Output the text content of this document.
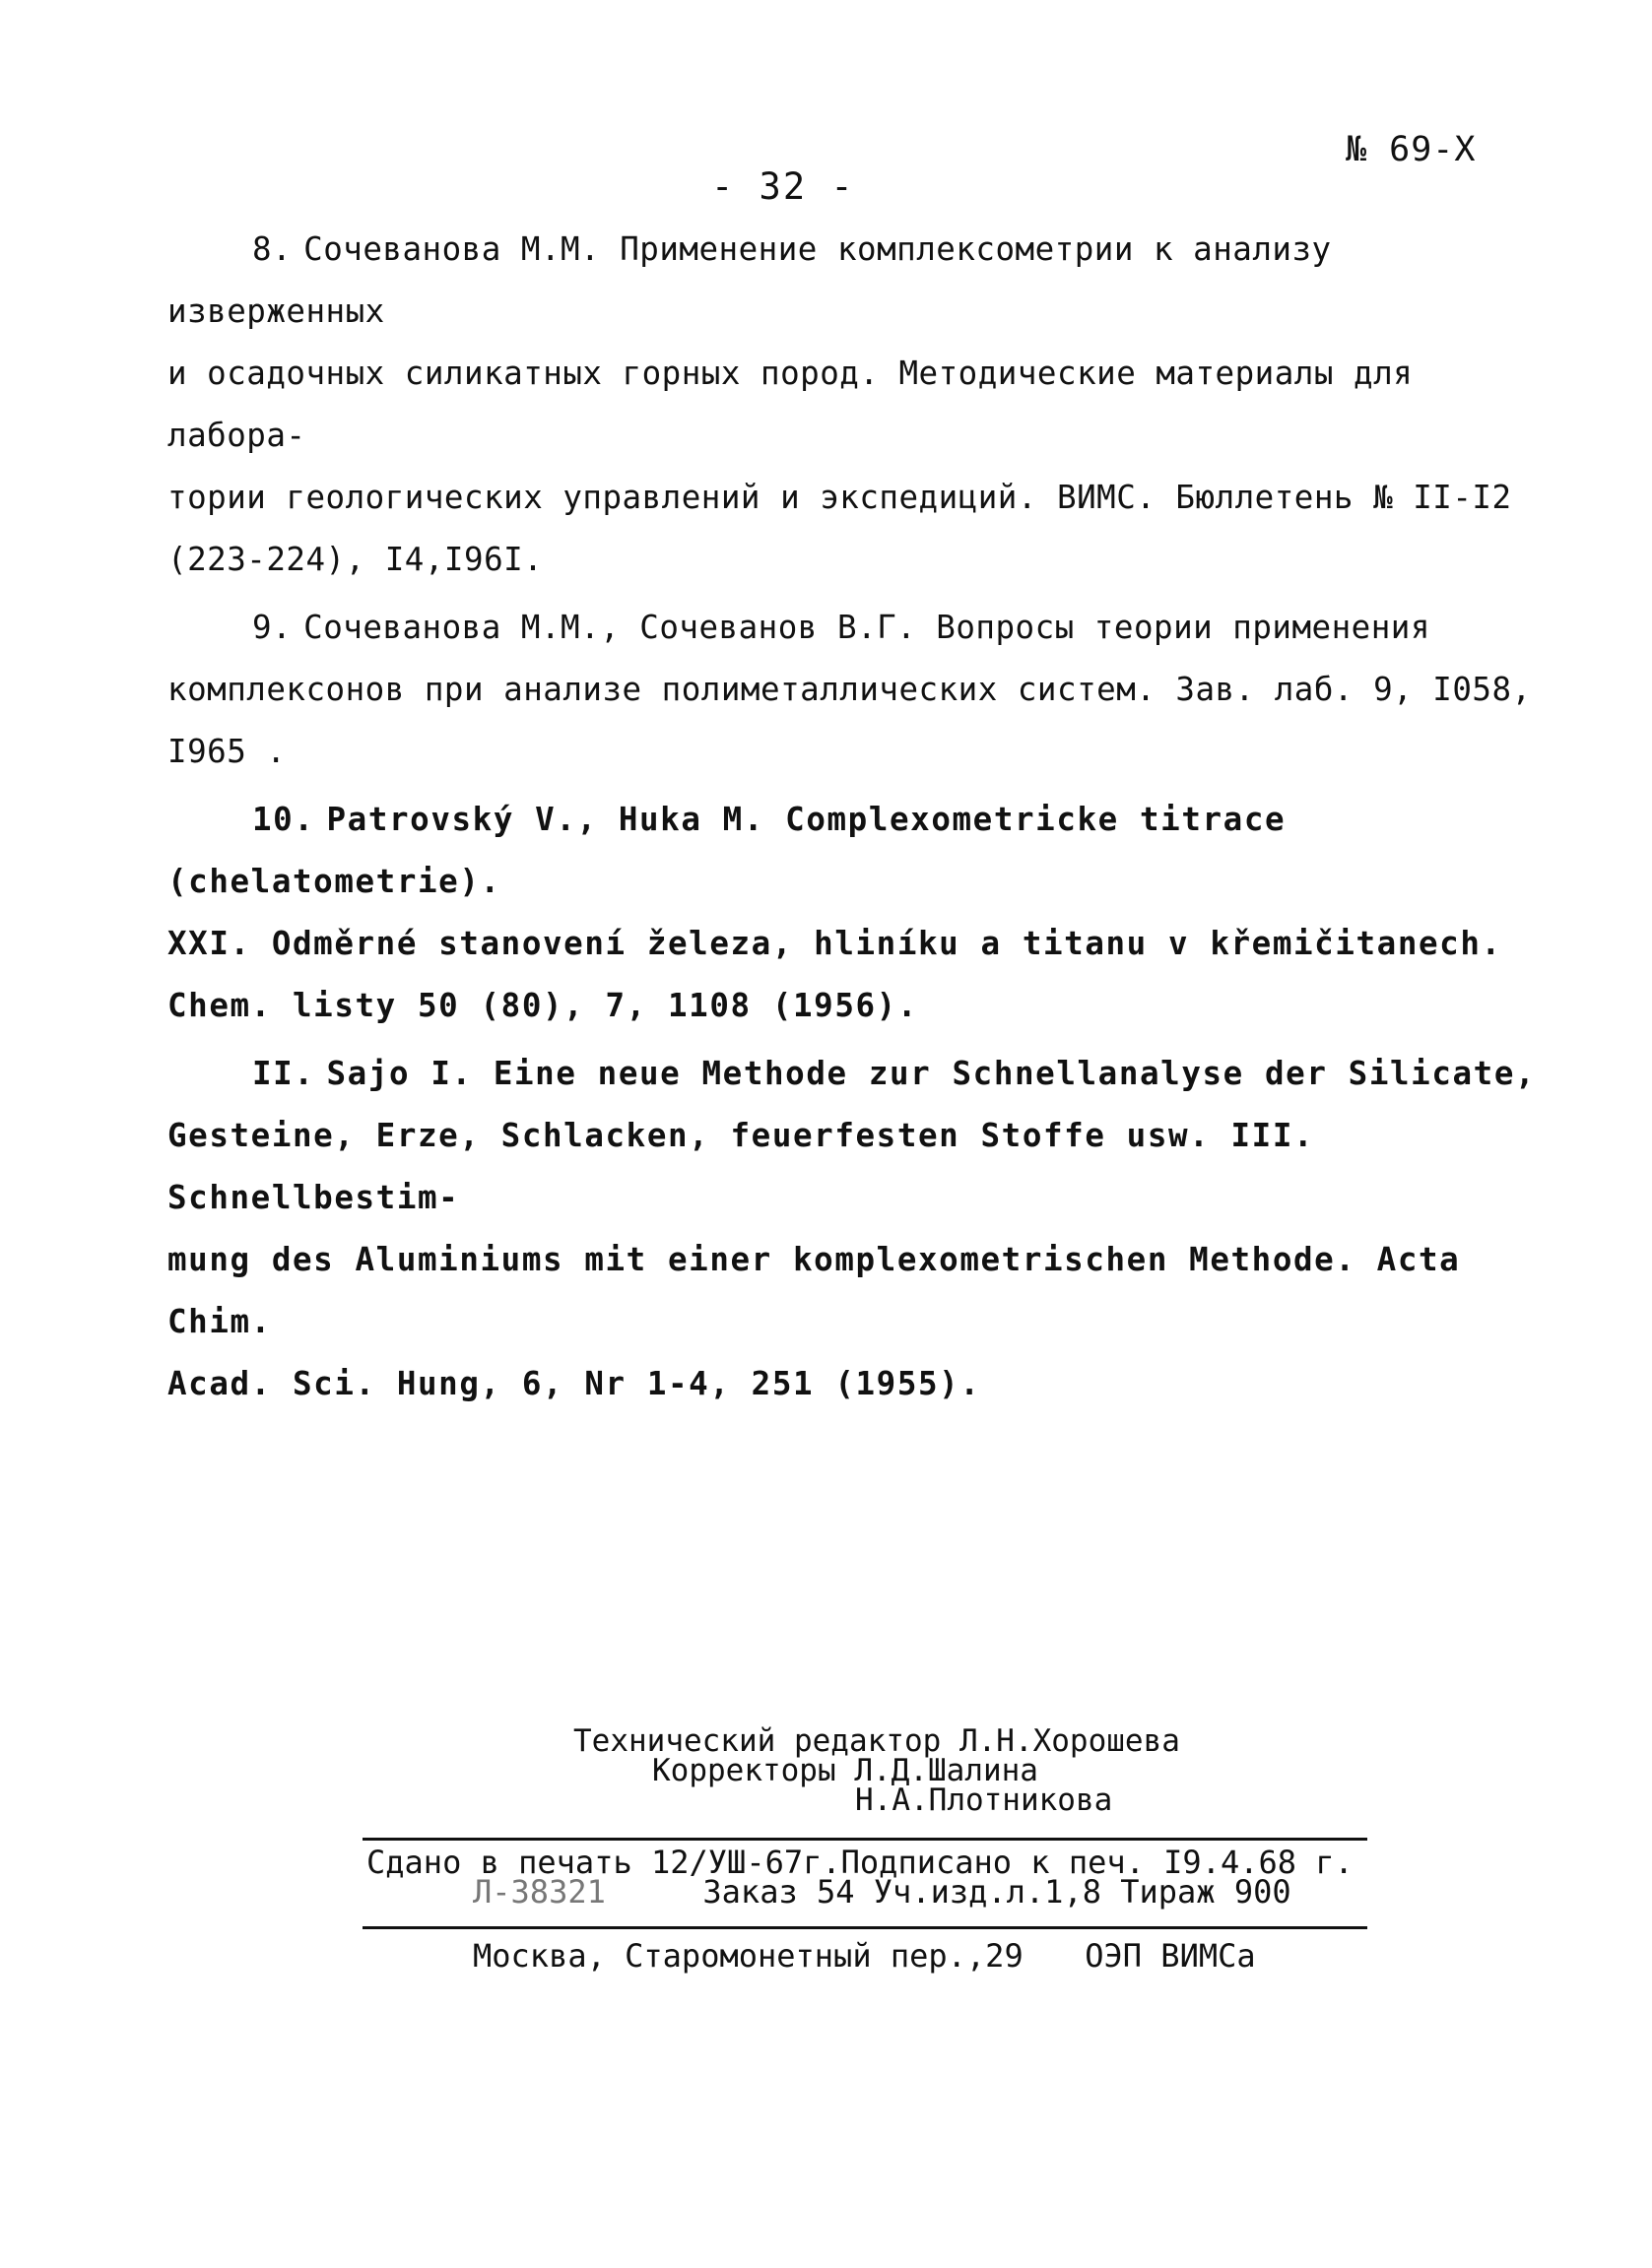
№ 69-Х
- 32 -
8. Сочеванова М.М. Применение комплексометрии к анализу изверженных
и осадочных силикатных горных пород. Методические материалы для лабора-
тории геологических управлений и экспедиций. ВИМС. Бюллетень № II-I2
(223-224), I4,I96I.
9. Сочеванова М.М., Сочеванов В.Г. Вопросы теории применения
комплексонов при анализе полиметаллических систем. Зав. лаб. 9, I058,
I965 .
10. Patrovský V., Huka M. Complexometricke titrace (chelatometrie).
XXI. Odměrné stanovení železa, hliníku a titanu v křemičitanech.
Chem. listy 50 (80), 7, 1108 (1956).
II. Sajo I. Eine neue Methode zur Schnellanalyse der Silicate,
Gesteine, Erze, Schlacken, feuerfesten Stoffe usw. III. Schnellbestim-
mung des Aluminiums mit einer komplexometrischen Methode. Acta Chim.
Acad. Sci. Hung, 6, Nr 1-4, 251 (1955).
Технический редактор Л.Н.Хорошева
Корректоры Л.Д.Шалина
Н.А.Плотникова
Сдано в печать 12/УШ-67г.Подписано к печ. I9.4.68 г.
Л-38321	Заказ 54 Уч.изд.л.1,8 Тираж 900
Москва, Старомонетный пер.,29 ОЭП ВИМСа
